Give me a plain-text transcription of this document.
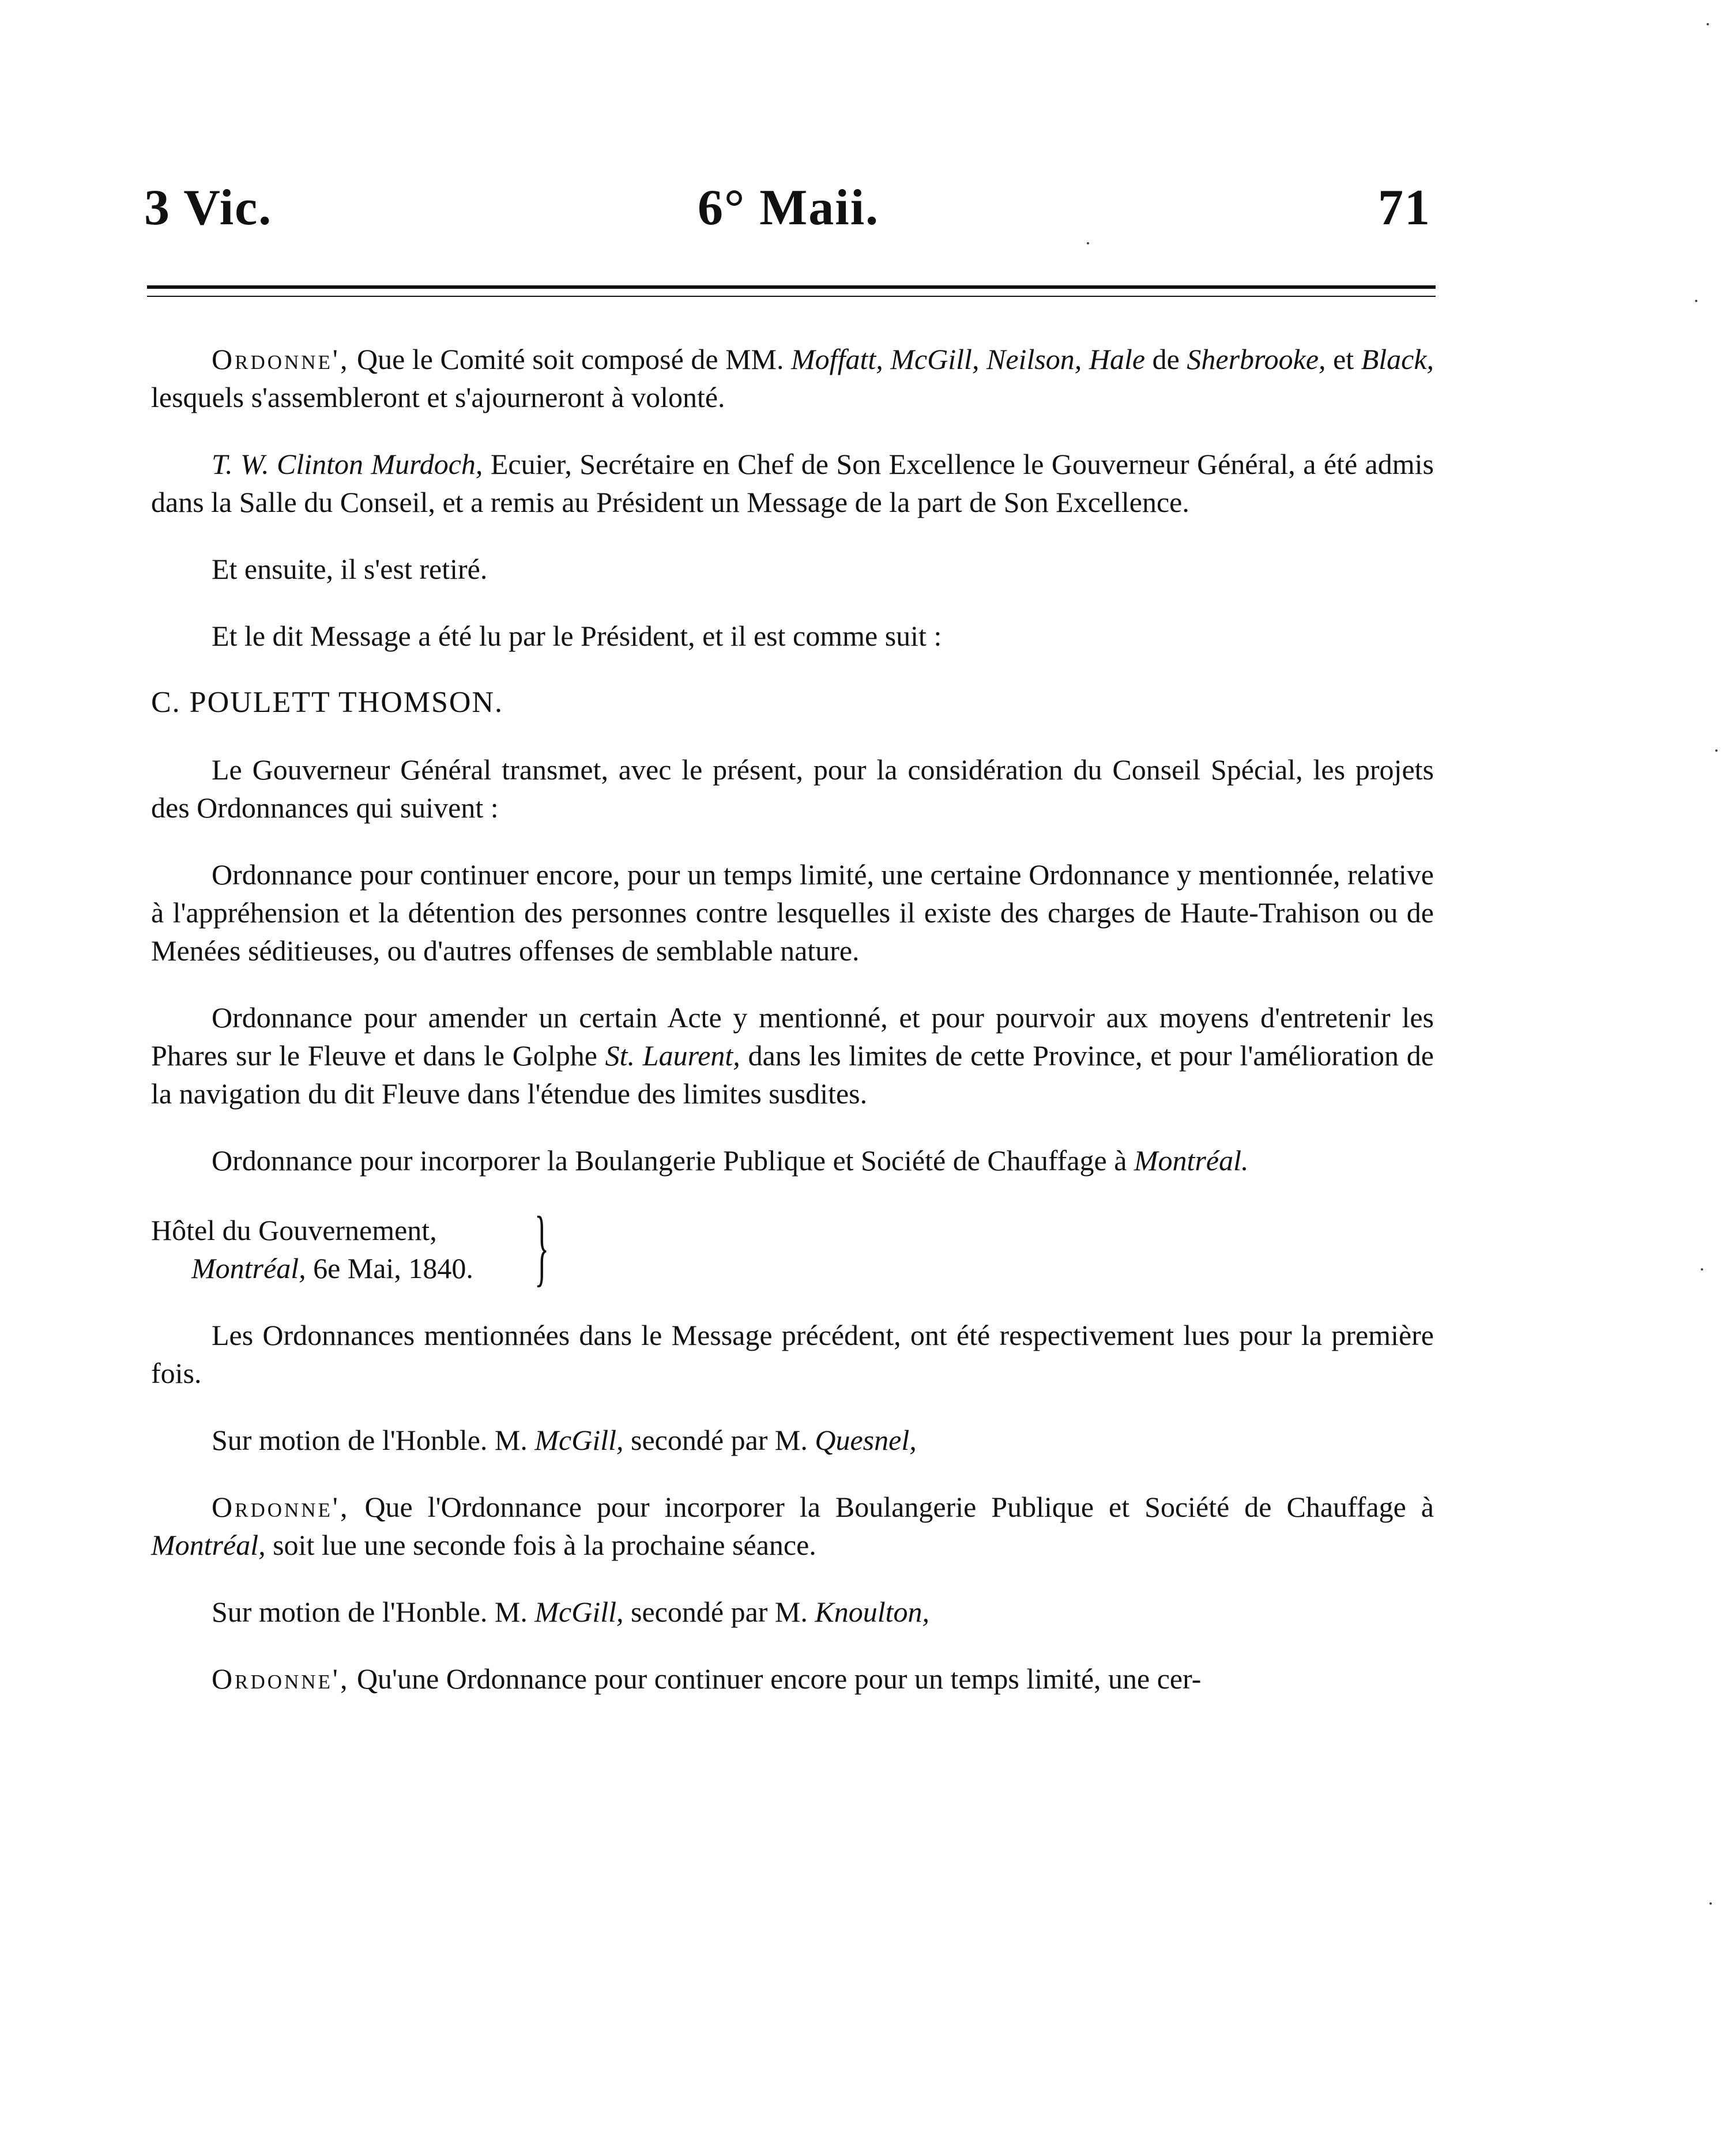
3 Vic.	6° Maii.	71

Ordonne', Que le Comité soit composé de MM. Moffatt, McGill, Neilson, Hale de Sherbrooke, et Black, lesquels s'assembleront et s'ajourneront à volonté.

T. W. Clinton Murdoch, Ecuier, Secrétaire en Chef de Son Excellence le Gouverneur Général, a été admis dans la Salle du Conseil, et a remis au Président un Message de la part de Son Excellence.

Et ensuite, il s'est retiré.

Et le dit Message a été lu par le Président, et il est comme suit :

C. POULETT THOMSON.

Le Gouverneur Général transmet, avec le présent, pour la considération du Conseil Spécial, les projets des Ordonnances qui suivent :

Ordonnance pour continuer encore, pour un temps limité, une certaine Ordonnance y mentionnée, relative à l'appréhension et la détention des personnes contre lesquelles il existe des charges de Haute-Trahison ou de Menées séditieuses, ou d'autres offenses de semblable nature.

Ordonnance pour amender un certain Acte y mentionné, et pour pourvoir aux moyens d'entretenir les Phares sur le Fleuve et dans le Golphe St. Laurent, dans les limites de cette Province, et pour l'amélioration de la navigation du dit Fleuve dans l'étendue des limites susdites.

Ordonnance pour incorporer la Boulangerie Publique et Société de Chauffage à Montréal.

Hôtel du Gouvernement,
Montréal, 6e Mai, 1840. }

Les Ordonnances mentionnées dans le Message précédent, ont été respectivement lues pour la première fois.

Sur motion de l'Honble. M. McGill, secondé par M. Quesnel,

Ordonne', Que l'Ordonnance pour incorporer la Boulangerie Publique et Société de Chauffage à Montréal, soit lue une seconde fois à la prochaine séance.

Sur motion de l'Honble. M. McGill, secondé par M. Knoulton,

Ordonne', Qu'une Ordonnance pour continuer encore pour un temps limité, une cer-
